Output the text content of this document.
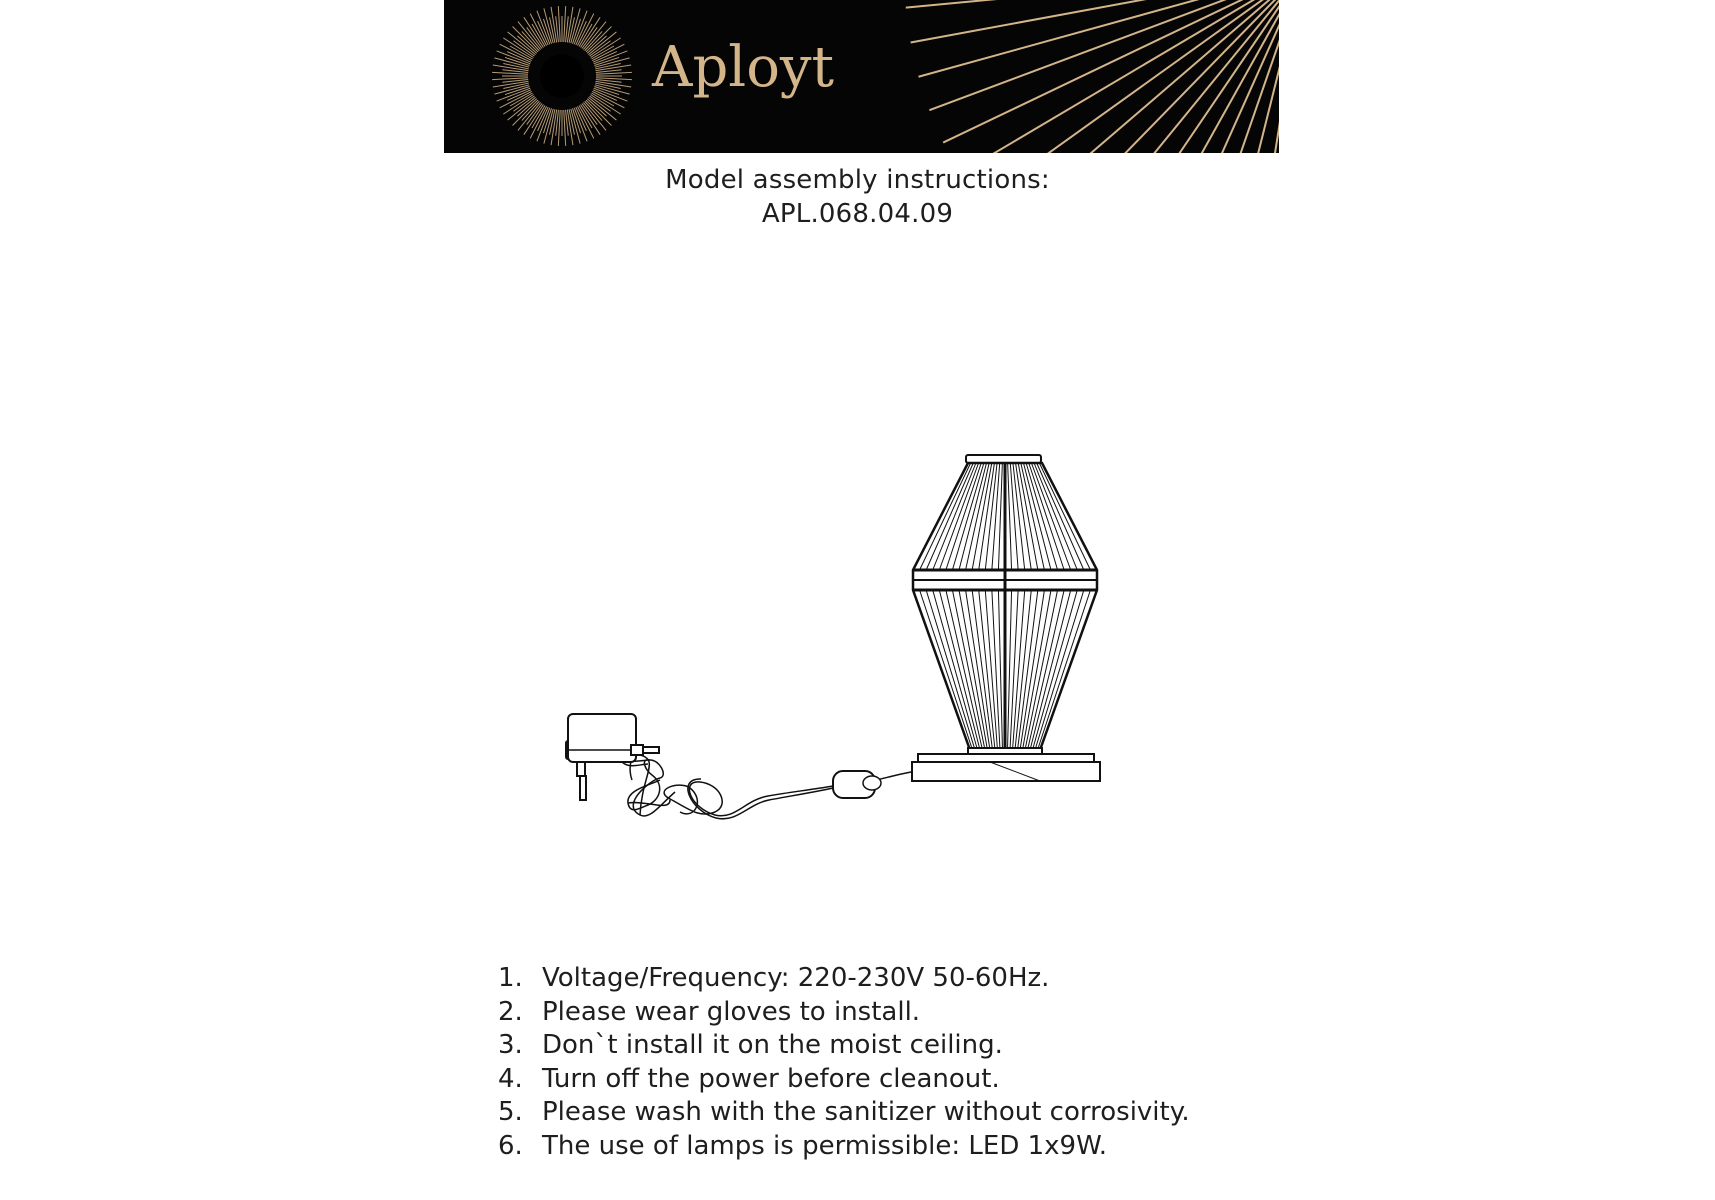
Aployt
Model assembly instructions:
APL.068.04.09
1. Voltage/Frequency: 220-230V 50-60Hz.
2. Please wear gloves to install.
3. Don`t install it on the moist ceiling.
4. Turn off the power before cleanout.
5. Please wash with the sanitizer without corrosivity.
6. The use of lamps is permissible: LED 1x9W.
